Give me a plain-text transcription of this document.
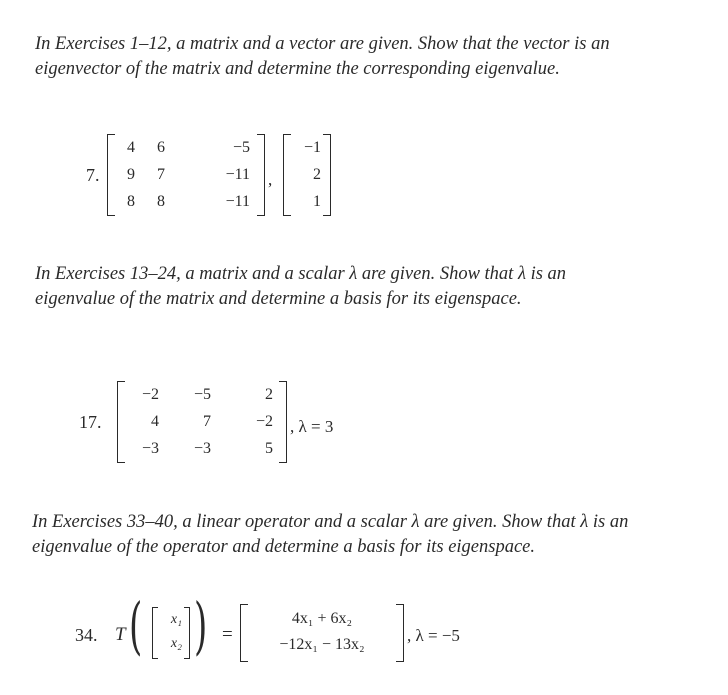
In Exercises 1–12, a matrix and a vector are given. Show that the vector is an eigenvector of the matrix and determine the corresponding eigenvalue.

7.
4	6	−5
9	7	−11
8	8	−11
,
−1
2
1

In Exercises 13–24, a matrix and a scalar λ are given. Show that λ is an eigenvalue of the matrix and determine a basis for its eigenspace.

17.
−2	−5	2
4	7	−2
−3	−3	5
, λ = 3

In Exercises 33–40, a linear operator and a scalar λ are given. Show that λ is an eigenvalue of the operator and determine a basis for its eigenspace.

34. T (	x₁
x₂ ) =
4x₁ + 6x₂
−12x₁ − 13x₂	, λ = −5
